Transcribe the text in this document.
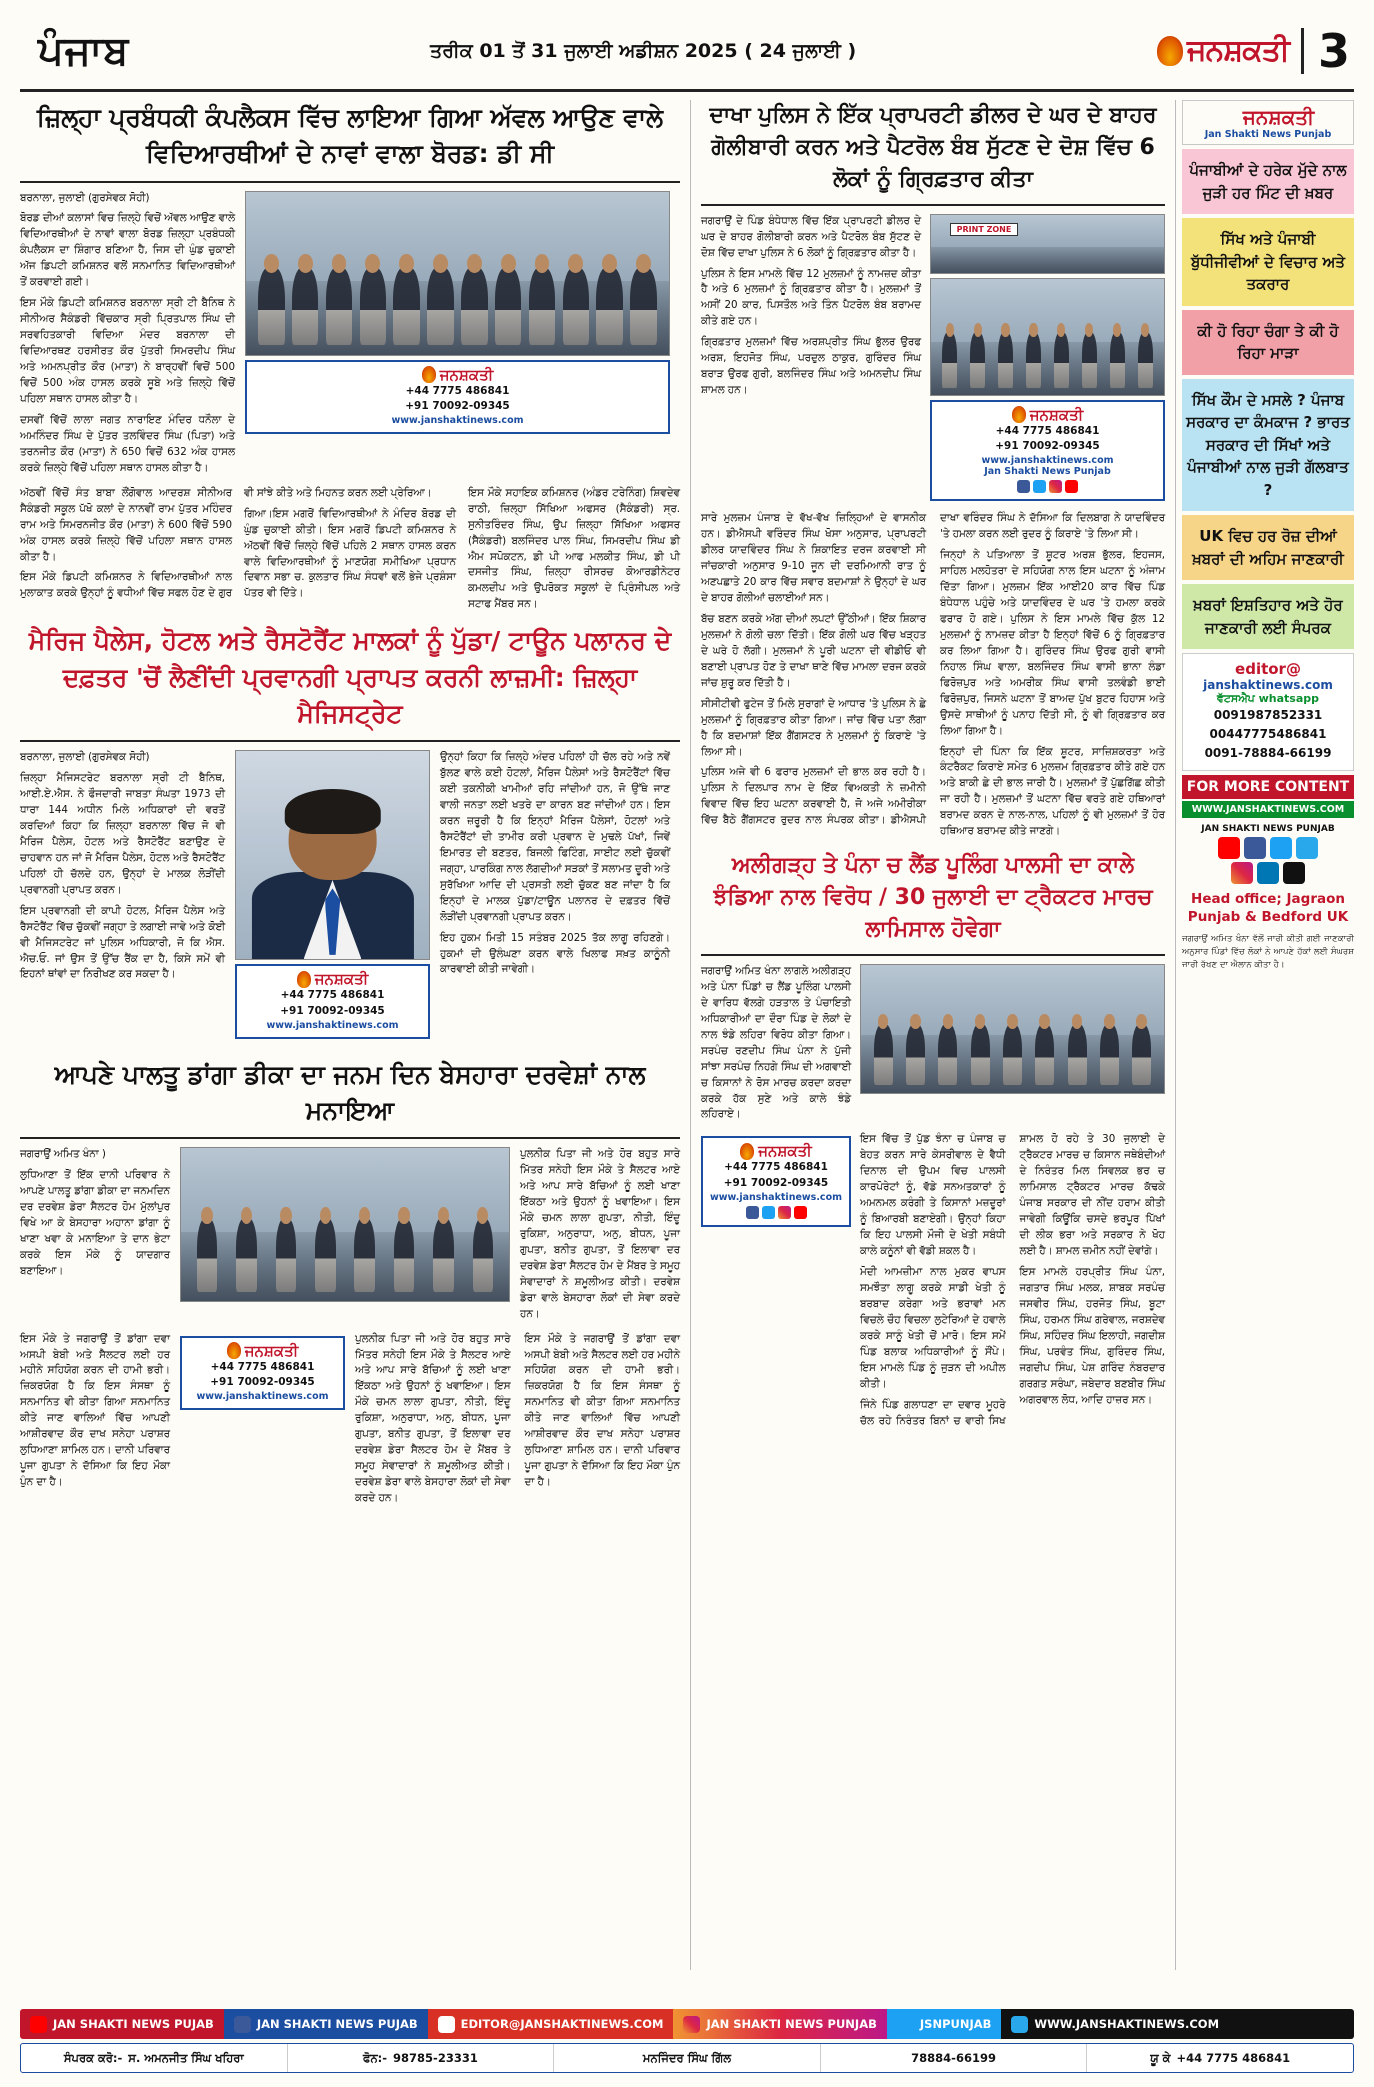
ਪੰਜਾਬ	ਤਰੀਕ 01 ਤੋਂ 31 ਜੁਲਾਈ ਅਡੀਸ਼ਨ 2025 ( 24 ਜੁਲਾਈ )	ਜਨਸ਼ਕਤੀ 3
ਜ਼ਿਲ੍ਹਾ ਪ੍ਰਬੰਧਕੀ ਕੰਪਲੈਕਸ ਵਿੱਚ ਲਾਇਆ ਗਿਆ ਅੱਵਲ ਆਉਣ ਵਾਲੇ ਵਿਦਿਆਰਥੀਆਂ ਦੇ ਨਾਵਾਂ ਵਾਲਾ ਬੋਰਡ: ਡੀ ਸੀ

ਬਰਨਾਲਾ, ਜੁਲਾਈ (ਗੁਰਸੇਵਕ ਸੋਹੀ)

ਬੋਰਡ ਦੀਆਂ ਕਲਾਸਾਂ ਵਿਚ ਜ਼ਿਲ੍ਹੇ ਵਿਚੋਂ ਅੱਵਲ ਆਉਣ ਵਾਲੇ ਵਿਦਿਆਰਥੀਆਂ ਦੇ ਨਾਵਾਂ ਵਾਲਾ ਬੋਰਡ ਜ਼ਿਲ੍ਹਾ ਪ੍ਰਬੰਧਕੀ ਕੰਪਲੈਕਸ ਦਾ ਸ਼ਿੰਗਾਰ ਬਣਿਆ ਹੈ, ਜਿਸ ਦੀ ਘੁੰਡ ਚੁਕਾਈ ਅੱਜ ਡਿਪਟੀ ਕਮਿਸ਼ਨਰ ਵਲੋਂ ਸਨਮਾਨਿਤ ਵਿਦਿਆਰਥੀਆਂ ਤੋਂ ਕਰਵਾਈ ਗਈ।

ਇਸ ਮੌਕੇ ਡਿਪਟੀ ਕਮਿਸ਼ਨਰ ਬਰਨਾਲਾ ਸ੍ਰੀ ਟੀ ਬੈਨਿਥ ਨੇ ਸੀਨੀਅਰ ਸੈਕੰਡਰੀ ਵਿੱਚਕਾਰ ਸ੍ਰੀ ਪ੍ਰਿਤਪਾਲ ਸਿੰਘ ਦੀ ਸਰਵਹਿਤਕਾਰੀ ਵਿਦਿਆ ਮੰਦਰ ਬਰਨਾਲਾ ਦੀ ਵਿਦਿਆਰਥਣ ਹਰਸੀਰਤ ਕੌਰ ਪੁੱਤਰੀ ਸਿਮਰਦੀਪ ਸਿੰਘ ਅਤੇ ਅਮਨਪ੍ਰੀਤ ਕੌਰ (ਮਾਤਾ) ਨੇ ਬਾਰ੍ਹਵੀਂ ਵਿਚੋਂ 500 ਵਿਚੋਂ 500 ਅੰਕ ਹਾਸਲ ਕਰਕੇ ਸੂਬੇ ਅਤੇ ਜ਼ਿਲ੍ਹੇ ਵਿੱਚੋਂ ਪਹਿਲਾ ਸਥਾਨ ਹਾਸਲ ਕੀਤਾ ਹੈ।

ਦਸਵੀਂ ਵਿੱਚੋਂ ਲਾਲਾ ਜਗਤ ਨਾਰਾਇਣ ਮੰਦਿਰ ਧਨੌਲਾ ਦੇ ਅਮਨਿੰਦਰ ਸਿੰਘ ਦੇ ਪੁੱਤਰ ਤਲਵਿੰਦਰ ਸਿੰਘ (ਪਿਤਾ) ਅਤੇ ਤਰਨਜੀਤ ਕੌਰ (ਮਾਤਾ) ਨੇ 650 ਵਿਚੋਂ 632 ਅੰਕ ਹਾਸਲ ਕਰਕੇ ਜ਼ਿਲ੍ਹੇ ਵਿੱਚੋਂ ਪਹਿਲਾ ਸਥਾਨ ਹਾਸਲ ਕੀਤਾ ਹੈ।

ਜਨਸ਼ਕਤੀ
+44 7775 486841
+91 70092-09345
www.janshaktinews.com

ਅੱਠਵੀਂ ਵਿੱਚੋਂ ਸੰਤ ਬਾਬਾ ਲੌਂਗੋਵਾਲ ਆਦਰਸ਼ ਸੀਨੀਅਰ ਸੈਕੰਡਰੀ ਸਕੂਲ ਪੱਖੋ ਕਲਾਂ ਦੇ ਨਾਨਵੀਂ ਰਾਮ ਪੁੱਤਰ ਮਹਿੰਦਰ ਰਾਮ ਅਤੇ ਸਿਮਰਨਜੀਤ ਕੌਰ (ਮਾਤਾ) ਨੇ 600 ਵਿੱਚੋਂ 590 ਅੰਕ ਹਾਸਲ ਕਰਕੇ ਜ਼ਿਲ੍ਹੇ ਵਿੱਚੋਂ ਪਹਿਲਾ ਸਥਾਨ ਹਾਸਲ ਕੀਤਾ ਹੈ।

ਇਸ ਮੌਕੇ ਡਿਪਟੀ ਕਮਿਸ਼ਨਰ ਨੇ ਵਿਦਿਆਰਥੀਆਂ ਨਾਲ ਮੁਲਾਕਾਤ ਕਰਕੇ ਉਨ੍ਹਾਂ ਨੂੰ ਵਧੀਆਂ ਵਿੱਚ ਸਫਲ ਹੋਣ ਦੇ ਗੁਰ ਵੀ ਸਾਂਝੇ ਕੀਤੇ ਅਤੇ ਮਿਹਨਤ ਕਰਨ ਲਈ ਪ੍ਰੇਰਿਆ।

ਗਿਆ।ਇਸ ਮਗਰੋਂ ਵਿਦਿਆਰਥੀਆਂ ਨੇ ਮੰਦਿਰ ਬੋਰਡ ਦੀ ਘੁੰਡ ਚੁਕਾਈ ਕੀਤੀ। ਇਸ ਮਗਰੋਂ ਡਿਪਟੀ ਕਮਿਸ਼ਨਰ ਨੇ ਅੱਠਵੀਂ ਵਿੱਚੋਂ ਜ਼ਿਲ੍ਹੇ ਵਿੱਚੋਂ ਪਹਿਲੇ 2 ਸਥਾਨ ਹਾਸਲ ਕਰਨ ਵਾਲੇ ਵਿਦਿਆਰਥੀਆਂ ਨੂੰ ਮਾਣਯੋਗ ਸਮੀਖਿਆ ਪ੍ਰਧਾਨ ਦਿਵਾਨ ਸਭਾ ਚ. ਕੁਲਤਾਰ ਸਿੰਘ ਸੰਧਵਾਂ ਵਲੋਂ ਭੇਜੇ ਪ੍ਰਸ਼ੰਸਾ ਪੱਤਰ ਵੀ ਦਿੱਤੇ।

ਇਸ ਮੌਕੇ ਸਹਾਇਕ ਕਮਿਸ਼ਨਰ (ਅੰਡਰ ਟਰੇਨਿੰਗ) ਸ਼ਿਵਦੇਵ ਰਾਠੀ, ਜ਼ਿਲ੍ਹਾ ਸਿੱਖਿਆ ਅਫਸਰ (ਸੈਕੰਡਰੀ) ਸ੍ਰ. ਸੁਨੀਤਰਿੰਦਰ ਸਿੰਘ, ਉਪ ਜ਼ਿਲ੍ਹਾ ਸਿੱਖਿਆ ਅਫਸਰ (ਸੈਕੰਡਰੀ) ਬਲਜਿੰਦਰ ਪਾਲ ਸਿੰਘ, ਸਿਮਰਦੀਪ ਸਿੰਘ ਡੀ ਐਮ ਸਪੋਕਟਨ, ਡੀ ਪੀ ਆਫ ਮਲਕੀਤ ਸਿੰਘ, ਡੀ ਪੀ ਦਸਜੀਤ ਸਿੰਘ, ਜ਼ਿਲ੍ਹਾ ਰੀਸਰਚ ਕੋਆਰਡੀਨੇਟਰ ਕਮਲਦੀਪ ਅਤੇ ਉਪਰੋਕਤ ਸਕੂਲਾਂ ਦੇ ਪ੍ਰਿੰਸੀਪਲ ਅਤੇ ਸਟਾਫ ਮੈਂਬਰ ਸਨ।

ਮੈਰਿਜ ਪੈਲੇਸ, ਹੋਟਲ ਅਤੇ ਰੈਸਟੋਰੈਂਟ ਮਾਲਕਾਂ ਨੂੰ ਪੁੱਡਾ/ ਟਾਊਨ ਪਲਾਨਰ ਦੇ ਦਫ਼ਤਰ 'ਚੋਂ ਲੈਣੀਂਦੀ ਪ੍ਰਵਾਨਗੀ ਪ੍ਰਾਪਤ ਕਰਨੀ ਲਾਜ਼ਮੀ: ਜ਼ਿਲ੍ਹਾ ਮੈਜਿਸਟ੍ਰੇਟ

ਬਰਨਾਲਾ, ਜੁਲਾਈ (ਗੁਰਸੇਵਕ ਸੋਹੀ)

ਜ਼ਿਲ੍ਹਾ ਮੈਜਿਸਟਰੇਟ ਬਰਨਾਲਾ ਸ੍ਰੀ ਟੀ ਬੈਨਿਥ, ਆਈ.ਏ.ਐਸ. ਨੇ ਫੌਜਦਾਰੀ ਜਾਬਤਾ ਸੰਘਤਾ 1973 ਦੀ ਧਾਰਾ 144 ਅਧੀਨ ਮਿਲੇ ਅਧਿਕਾਰਾਂ ਦੀ ਵਰਤੋਂ ਕਰਦਿਆਂ ਕਿਹਾ ਕਿ ਜ਼ਿਲ੍ਹਾ ਬਰਨਾਲਾ ਵਿੱਚ ਜੋ ਵੀ ਮੈਰਿਜ ਪੈਲੇਸ, ਹੋਟਲ ਅਤੇ ਰੈਸਟੋਰੈਂਟ ਬਣਾਉਣ ਦੇ ਚਾਹਵਾਨ ਹਨ ਜਾਂ ਜੋ ਮੈਰਿਜ ਪੈਲੇਸ, ਹੋਟਲ ਅਤੇ ਰੈਸਟੋਰੈਂਟ ਪਹਿਲਾਂ ਹੀ ਚੱਲਦੇ ਹਨ, ਉਨ੍ਹਾਂ ਦੇ ਮਾਲਕ ਲੋੜੀਂਦੀ ਪ੍ਰਵਾਨਗੀ ਪ੍ਰਾਪਤ ਕਰਨ।

ਇਸ ਪ੍ਰਵਾਨਗੀ ਦੀ ਕਾਪੀ ਹੋਟਲ, ਮੈਰਿਜ ਪੈਲੇਸ ਅਤੇ ਰੈਸਟੋਰੈਂਟ ਵਿੱਚ ਚੁੱਕਵੀਂ ਜਗ੍ਹਾ ਤੇ ਲਗਾਈ ਜਾਵੇ ਅਤੇ ਕੋਈ ਵੀ ਮੈਜਿਸਟਰੇਟ ਜਾਂ ਪੁਲਿਸ ਅਧਿਕਾਰੀ, ਜੋ ਕਿ ਐਸ. ਐਚ.ਓ. ਜਾਂ ਉਸ ਤੋਂ ਉੱਚ ਰੈਂਕ ਦਾ ਹੈ, ਕਿਸੇ ਸਮੇਂ ਵੀ ਇਹਨਾਂ ਥਾਂਵਾਂ ਦਾ ਨਿਰੀਖਣ ਕਰ ਸਕਦਾ ਹੈ।	ਜਨਸ਼ਕਤੀ
+44 7775 486841
+91 70092-09345
www.janshaktinews.com

ਉਨ੍ਹਾਂ ਕਿਹਾ ਕਿ ਜ਼ਿਲ੍ਹੇ ਅੰਦਰ ਪਹਿਲਾਂ ਹੀ ਚੱਲ ਰਹੇ ਅਤੇ ਨਵੇਂ ਬੁੱਲਣ ਵਾਲੇ ਕਈ ਹੋਟਲਾਂ, ਮੈਰਿਜ ਪੈਲੇਸਾਂ ਅਤੇ ਰੈਸਟੋਰੈਂਟਾਂ ਵਿੱਚ ਕਈ ਤਕਨੀਕੀ ਖਾਮੀਆਂ ਰਹਿ ਜਾਂਦੀਆਂ ਹਨ, ਜੋ ਉੱਥੇ ਜਾਣ ਵਾਲੀ ਜਨਤਾ ਲਈ ਖਤਰੇ ਦਾ ਕਾਰਨ ਬਣ ਜਾਂਦੀਆਂ ਹਨ। ਇਸ ਕਰਨ ਜ਼ਰੂਰੀ ਹੈ ਕਿ ਇਨ੍ਹਾਂ ਮੈਰਿਜ ਪੈਲੇਸਾਂ, ਹੋਟਲਾਂ ਅਤੇ ਰੈਸਟੋਰੈਂਟਾਂ ਦੀ ਤਾਮੀਰ ਕਰੀ ਪ੍ਰਵਾਨ ਦੇ ਮੁਢਲੇ ਪੱਖਾਂ, ਜਿਵੇਂ ਇਮਾਰਤ ਦੀ ਬਣਤਰ, ਬਿਜਲੀ ਫਿਟਿੰਗ, ਸਾਈਟ ਲਈ ਚੁੱਕਵੀਂ ਜਗ੍ਹਾ, ਪਾਰਕਿੰਗ ਨਾਲ ਲੱਗਦੀਆਂ ਸੜਕਾਂ ਤੋਂ ਸਲਾਮਤ ਦੂਰੀ ਅਤੇ ਸੁਰੱਖਿਆ ਆਦਿ ਦੀ ਪ੍ਰਸਤੀ ਲਈ ਚੁੱਕਣ ਬਣ ਜਾਂਦਾ ਹੈ ਕਿ ਇਨ੍ਹਾਂ ਦੇ ਮਾਲਕ ਪੁੱਡਾ/ਟਾਊਨ ਪਲਾਨਰ ਦੇ ਦਫ਼ਤਰ ਵਿੱਚੋਂ ਲੋੜੀਂਦੀ ਪ੍ਰਵਾਨਗੀ ਪ੍ਰਾਪਤ ਕਰਨ।

ਇਹ ਹੁਕਮ ਮਿਤੀ 15 ਸਤੰਬਰ 2025 ਤੱਕ ਲਾਗੂ ਰਹਿਣਗੇ। ਹੁਕਮਾਂ ਦੀ ਉਲੰਘਣਾ ਕਰਨ ਵਾਲੇ ਖਿਲਾਫ ਸਖ਼ਤ ਕਾਨੂੰਨੀ ਕਾਰਵਾਈ ਕੀਤੀ ਜਾਵੇਗੀ।

ਆਪਣੇ ਪਾਲਤੂ ਡਾਂਗਾ ਡੀਕਾ ਦਾ ਜਨਮ ਦਿਨ ਬੇਸਹਾਰਾ ਦਰਵੇਸ਼ਾਂ ਨਾਲ ਮਨਾਇਆ

ਜਗਰਾਉਂ ਅਮਿਤ ਖੰਨਾ )

ਲੁਧਿਆਣਾ ਤੋਂ ਇੱਕ ਦਾਨੀ ਪਰਿਵਾਰ ਨੇ ਆਪਣੇ ਪਾਲਤੂ ਡਾਂਗਾ ਡੀਕਾ ਦਾ ਜਨਮਦਿਨ ਦਰ ਦਰਵੇਸ਼ ਡੇਰਾ ਸੈਲਟਰ ਹੋਮ ਮੁੱਲਾਂਪੁਰ ਵਿਖੇ ਆ ਕੇ ਬੇਸਹਾਰਾ ਅਹਾਨਾ ਡਾਂਗਾ ਨੂੰ ਖਾਣਾ ਖਵਾ ਕੇ ਮਨਾਇਆ ਤੇ ਦਾਨ ਭੇਟਾ ਕਰਕੇ ਇਸ ਮੌਕੇ ਨੂੰ ਯਾਦਗਾਰ ਬਣਾਇਆ।

ਪੁਲਨੀਕ ਪਿਤਾ ਜੀ ਅਤੇ ਹੋਰ ਬਹੁਤ ਸਾਰੇ ਮਿੱਤਰ ਸਨੇਹੀ ਇਸ ਮੌਕੇ ਤੇ ਸੈਲਟਰ ਆਏ ਅਤੇ ਆਪ ਸਾਰੇ ਬੱਚਿਆਂ ਨੂੰ ਲਈ ਖਾਣਾ ਇੱਕਠਾ ਅਤੇ ਉਹਨਾਂ ਨੂੰ ਖਵਾਇਆ। ਇਸ ਮੌਕੇ ਚਮਨ ਲਾਲਾ ਗੁਪਤਾ, ਨੀਤੀ, ਇੰਦੂ ਰੁਕਿਸ਼ਾ, ਅਨੁਰਾਧਾ, ਅਨੁ, ਬੀਧਨ, ਪੂਜਾ ਗੁਪਤਾ, ਬਨੀਤ ਗੁਪਤਾ, ਤੋਂ ਇਲਾਵਾ ਦਰ ਦਰਵੇਸ਼ ਡੇਰਾ ਸੈਲਟਰ ਹੋਮ ਦੇ ਮੈਂਬਰ ਤੇ ਸਮੂਹ ਸੇਵਾਦਾਰਾਂ ਨੇ ਸ਼ਮੂਲੀਅਤ ਕੀਤੀ। ਦਰਵੇਸ਼ ਡੇਰਾ ਵਾਲੇ ਬੇਸਹਾਰਾ ਲੋਕਾਂ ਦੀ ਸੇਵਾ ਕਰਦੇ ਹਨ।

ਇਸ ਮੌਕੇ ਤੇ ਜਗਰਾਉਂ ਤੋਂ ਡਾਂਗਾ ਦਵਾ ਅਸਪੀ ਬੇਬੀ ਅਤੇ ਸੈਲਟਰ ਲਈ ਹਰ ਮਹੀਨੇ ਸਹਿਯੋਗ ਕਰਨ ਦੀ ਹਾਮੀ ਭਰੀ। ਜ਼ਿਕਰਯੋਗ ਹੈ ਕਿ ਇਸ ਸੰਸਥਾ ਨੂੰ ਸਨਮਾਨਿਤ ਵੀ ਕੀਤਾ ਗਿਆ ਸਨਮਾਨਿਤ ਕੀਤੇ ਜਾਣ ਵਾਲਿਆਂ ਵਿੱਚ ਆਪਣੀ ਆਸ਼ੀਰਵਾਦ ਕੌਰ ਦਾਖ ਸਨੇਹਾ ਪਰਾਸ਼ਰ ਲੁਧਿਆਣਾ ਸ਼ਾਮਿਲ ਹਨ। ਦਾਨੀ ਪਰਿਵਾਰ ਪੂਜਾ ਗੁਪਤਾ ਨੇ ਦੱਸਿਆ ਕਿ ਇਹ ਮੌਕਾ ਪੁੰਨ ਦਾ ਹੈ।

ਜਨਸ਼ਕਤੀ
+44 7775 486841
+91 70092-09345
www.janshaktinews.com

ਪੁਲਨੀਕ ਪਿਤਾ ਜੀ ਅਤੇ ਹੋਰ ਬਹੁਤ ਸਾਰੇ ਮਿੱਤਰ ਸਨੇਹੀ ਇਸ ਮੌਕੇ ਤੇ ਸੈਲਟਰ ਆਏ ਅਤੇ ਆਪ ਸਾਰੇ ਬੱਚਿਆਂ ਨੂੰ ਲਈ ਖਾਣਾ ਇੱਕਠਾ ਅਤੇ ਉਹਨਾਂ ਨੂੰ ਖਵਾਇਆ। ਇਸ ਮੌਕੇ ਚਮਨ ਲਾਲਾ ਗੁਪਤਾ, ਨੀਤੀ, ਇੰਦੂ ਰੁਕਿਸ਼ਾ, ਅਨੁਰਾਧਾ, ਅਨੁ, ਬੀਧਨ, ਪੂਜਾ ਗੁਪਤਾ, ਬਨੀਤ ਗੁਪਤਾ, ਤੋਂ ਇਲਾਵਾ ਦਰ ਦਰਵੇਸ਼ ਡੇਰਾ ਸੈਲਟਰ ਹੋਮ ਦੇ ਮੈਂਬਰ ਤੇ ਸਮੂਹ ਸੇਵਾਦਾਰਾਂ ਨੇ ਸ਼ਮੂਲੀਅਤ ਕੀਤੀ। ਦਰਵੇਸ਼ ਡੇਰਾ ਵਾਲੇ ਬੇਸਹਾਰਾ ਲੋਕਾਂ ਦੀ ਸੇਵਾ ਕਰਦੇ ਹਨ।

ਇਸ ਮੌਕੇ ਤੇ ਜਗਰਾਉਂ ਤੋਂ ਡਾਂਗਾ ਦਵਾ ਅਸਪੀ ਬੇਬੀ ਅਤੇ ਸੈਲਟਰ ਲਈ ਹਰ ਮਹੀਨੇ ਸਹਿਯੋਗ ਕਰਨ ਦੀ ਹਾਮੀ ਭਰੀ। ਜ਼ਿਕਰਯੋਗ ਹੈ ਕਿ ਇਸ ਸੰਸਥਾ ਨੂੰ ਸਨਮਾਨਿਤ ਵੀ ਕੀਤਾ ਗਿਆ ਸਨਮਾਨਿਤ ਕੀਤੇ ਜਾਣ ਵਾਲਿਆਂ ਵਿੱਚ ਆਪਣੀ ਆਸ਼ੀਰਵਾਦ ਕੌਰ ਦਾਖ ਸਨੇਹਾ ਪਰਾਸ਼ਰ ਲੁਧਿਆਣਾ ਸ਼ਾਮਿਲ ਹਨ। ਦਾਨੀ ਪਰਿਵਾਰ ਪੂਜਾ ਗੁਪਤਾ ਨੇ ਦੱਸਿਆ ਕਿ ਇਹ ਮੌਕਾ ਪੁੰਨ ਦਾ ਹੈ।

ਦਾਖਾ ਪੁਲਿਸ ਨੇ ਇੱਕ ਪ੍ਰਾਪਰਟੀ ਡੀਲਰ ਦੇ ਘਰ ਦੇ ਬਾਹਰ ਗੋਲੀਬਾਰੀ ਕਰਨ ਅਤੇ ਪੈਟਰੋਲ ਬੰਬ ਸੁੱਟਣ ਦੇ ਦੋਸ਼ ਵਿੱਚ 6 ਲੋਕਾਂ ਨੂੰ ਗ੍ਰਿਫ਼ਤਾਰ ਕੀਤਾ

ਜਗਰਾਉਂ ਦੇ ਪਿੰਡ ਬੰਧੇਧਾਲ ਵਿੱਚ ਇੱਕ ਪ੍ਰਾਪਰਟੀ ਡੀਲਰ ਦੇ ਘਰ ਦੇ ਬਾਹਰ ਗੋਲੀਬਾਰੀ ਕਰਨ ਅਤੇ ਪੈਟਰੋਲ ਬੰਬ ਸੁੱਟਣ ਦੇ ਦੋਸ਼ ਵਿੱਚ ਦਾਖਾ ਪੁਲਿਸ ਨੇ 6 ਲੋਕਾਂ ਨੂੰ ਗ੍ਰਿਫ਼ਤਾਰ ਕੀਤਾ ਹੈ।

ਪੁਲਿਸ ਨੇ ਇਸ ਮਾਮਲੇ ਵਿੱਚ 12 ਮੁਲਜ਼ਮਾਂ ਨੂੰ ਨਾਮਜ਼ਦ ਕੀਤਾ ਹੈ ਅਤੇ 6 ਮੁਲਜ਼ਮਾਂ ਨੂੰ ਗ੍ਰਿਫ਼ਤਾਰ ਕੀਤਾ ਹੈ। ਮੁਲਜ਼ਮਾਂ ਤੋਂ ਅਸੀਂ 20 ਕਾਰ, ਪਿਸਤੌਲ ਅਤੇ ਤਿੰਨ ਪੈਟਰੋਲ ਬੰਬ ਬਰਾਮਦ ਕੀਤੇ ਗਏ ਹਨ।

ਗ੍ਰਿਫ਼ਤਾਰ ਮੁਲਜ਼ਮਾਂ ਵਿੱਚ ਅਰਸ਼ਪ੍ਰੀਤ ਸਿੰਘ ਭੁੱਲਰ ਉਰਫ ਅਰਸ਼, ਇਹਜੋਤ ਸਿੰਘ, ਪਰਦੁਲ ਠਾਕੁਰ, ਗੁਰਿੰਦਰ ਸਿੰਘ ਬਰਾੜ ਉਰਫ ਗੁਰੀ, ਬਲਜਿੰਦਰ ਸਿੰਘ ਅਤੇ ਅਮਨਦੀਪ ਸਿੰਘ ਸ਼ਾਮਲ ਹਨ।

PRINT ZONE
ਜਨਸ਼ਕਤੀ
+44 7775 486841
+91 70092-09345
www.janshaktinews.com
Jan Shakti News Punjab

ਸਾਰੇ ਮੁਲਜ਼ਮ ਪੰਜਾਬ ਦੇ ਵੱਖ-ਵੱਖ ਜ਼ਿਲ੍ਹਿਆਂ ਦੇ ਵਾਸਨੀਕ ਹਨ। ਡੀਐਸਪੀ ਵਰਿੰਦਰ ਸਿੰਘ ਖੋਸਾ ਅਨੁਸਾਰ, ਪ੍ਰਾਪਰਟੀ ਡੀਲਰ ਯਾਦਵਿੰਦਰ ਸਿੰਘ ਨੇ ਸ਼ਿਕਾਇਤ ਦਰਜ ਕਰਵਾਈ ਸੀ ਜਾਂਚਕਾਰੀ ਅਨੁਸਾਰ 9-10 ਜੂਨ ਦੀ ਦਰਮਿਆਨੀ ਰਾਤ ਨੂੰ ਅਣਪਛਾਤੇ 20 ਕਾਰ ਵਿੱਚ ਸਵਾਰ ਬਦਮਾਸ਼ਾਂ ਨੇ ਉਨ੍ਹਾਂ ਦੇ ਘਰ ਦੇ ਬਾਹਰ ਗੋਲੀਆਂ ਚਲਾਈਆਂ ਸਨ।

ਬੱਚ ਬਣਨ ਕਰਕੇ ਅੱਗ ਦੀਆਂ ਲਪਟਾਂ ਉੱਠੀਆਂ। ਇੱਕ ਸ਼ਿਕਾਰ ਮੁਲਜ਼ਮਾਂ ਨੇ ਗੋਲੀ ਚਲਾ ਦਿੱਤੀ। ਇੱਕ ਗੋਲੀ ਘਰ ਵਿੱਚ ਖੜ੍ਹਤ ਦੇ ਘਰੇ ਹੋ ਲੱਗੀ। ਮੁਲਜ਼ਮਾਂ ਨੇ ਪੂਰੀ ਘਟਨਾ ਦੀ ਵੀਡੀਓ ਵੀ ਬਣਾਈ ਪ੍ਰਾਪਤ ਹੋਣ ਤੇ ਦਾਖਾ ਥਾਣੇ ਵਿੱਚ ਮਾਮਲਾ ਦਰਜ ਕਰਕੇ ਜਾਂਚ ਸ਼ੁਰੂ ਕਰ ਦਿੱਤੀ ਹੈ।

ਸੀਸੀਟੀਵੀ ਫੁਟੇਜ ਤੋਂ ਮਿਲੇ ਸੁਰਾਗਾਂ ਦੇ ਆਧਾਰ 'ਤੇ ਪੁਲਿਸ ਨੇ ਛੇ ਮੁਲਜ਼ਮਾਂ ਨੂੰ ਗ੍ਰਿਫ਼ਤਾਰ ਕੀਤਾ ਗਿਆ। ਜਾਂਚ ਵਿੱਚ ਪਤਾ ਲੱਗਾ ਹੈ ਕਿ ਬਦਮਾਸ਼ਾਂ ਇੱਕ ਗੈਂਗਸਟਰ ਨੇ ਮੁਲਜ਼ਮਾਂ ਨੂੰ ਕਿਰਾਏ 'ਤੇ ਲਿਆ ਸੀ।

ਪੁਲਿਸ ਅਜੇ ਵੀ 6 ਫਰਾਰ ਮੁਲਜ਼ਮਾਂ ਦੀ ਭਾਲ ਕਰ ਰਹੀ ਹੈ। ਪੁਲਿਸ ਨੇ ਦਿਲਪਾਰ ਨਾਮ ਦੇ ਇੱਕ ਵਿਅਕਤੀ ਨੇ ਜ਼ਮੀਨੀ ਵਿਵਾਦ ਵਿੱਚ ਇਹ ਘਟਨਾ ਕਰਵਾਈ ਹੈ, ਜੋ ਅਜੇ ਅਮੀਰੀਕਾ ਵਿੱਚ ਬੈਠੇ ਗੈਂਗਸਟਰ ਰੁਦਰ ਨਾਲ ਸੰਪਰਕ ਕੀਤਾ। ਡੀਐਸਪੀ ਦਾਖਾ ਵਰਿੰਦਰ ਸਿੰਘ ਨੇ ਦੱਸਿਆ ਕਿ ਦਿਲਬਾਗ ਨੇ ਯਾਦਵਿੰਦਰ 'ਤੇ ਹਮਲਾ ਕਰਨ ਲਈ ਰੁਦਰ ਨੂੰ ਕਿਰਾਏ 'ਤੇ ਲਿਆ ਸੀ।

ਜਿਨ੍ਹਾਂ ਨੇ ਪਤਿਆਲਾ ਤੋਂ ਸ਼ੂਟਰ ਅਰਸ਼ ਭੁੱਲਰ, ਇਹਜਸ, ਸਾਹਿਲ ਮਲਹੋਤਰਾ ਦੇ ਸਹਿਯੋਗ ਨਾਲ ਇਸ ਘਟਨਾ ਨੂੰ ਅੰਜਾਮ ਦਿੱਤਾ ਗਿਆ। ਮੁਲਜ਼ਮ ਇੱਕ ਆਈ20 ਕਾਰ ਵਿੱਚ ਪਿੰਡ ਬੰਧੇਧਾਲ ਪਹੁੰਚੇ ਅਤੇ ਯਾਦਵਿੰਦਰ ਦੇ ਘਰ 'ਤੇ ਹਮਲਾ ਕਰਕੇ ਫਰਾਰ ਹੋ ਗਏ। ਪੁਲਿਸ ਨੇ ਇਸ ਮਾਮਲੇ ਵਿੱਚ ਕੁੱਲ 12 ਮੁਲਜ਼ਮਾਂ ਨੂੰ ਨਾਮਜ਼ਦ ਕੀਤਾ ਹੈ ਇਨ੍ਹਾਂ ਵਿੱਚੋਂ 6 ਨੂੰ ਗ੍ਰਿਫ਼ਤਾਰ ਕਰ ਲਿਆ ਗਿਆ ਹੈ। ਗੁਰਿੰਦਰ ਸਿੰਘ ਉਰਫ ਗੁਰੀ ਵਾਸੀ ਨਿਹਾਲ ਸਿੰਘ ਵਾਲਾ, ਬਲਜਿੰਦਰ ਸਿੰਘ ਵਾਸੀ ਭਾਨਾ ਲੰਡਾ ਫਿਰੋਜ਼ਪੁਰ ਅਤੇ ਅਮਰੀਕ ਸਿੰਘ ਵਾਸੀ ਤਲਵੰਡੀ ਭਾਈ ਫਿਰੋਜ਼ਪੁਰ, ਜਿਸਨੇ ਘਟਨਾ ਤੋਂ ਬਾਅਦ ਪੁੱਖ ਬੁਟਰ ਹਿਹਾਸ ਅਤੇ ਉਸਦੇ ਸਾਥੀਆਂ ਨੂੰ ਪਨਾਹ ਦਿੱਤੀ ਸੀ, ਨੂੰ ਵੀ ਗ੍ਰਿਫ਼ਤਾਰ ਕਰ ਲਿਆ ਗਿਆ ਹੈ।

ਇਨ੍ਹਾਂ ਦੀ ਪਿੰਨਾ ਕਿ ਇੱਕ ਸ਼ੂਟਰ, ਸਾਜ਼ਿਸ਼ਕਰਤਾ ਅਤੇ ਕੰਟਰੈਕਟ ਕਿਰਾਏ ਸਮੇਤ 6 ਮੁਲਜ਼ਮ ਗ੍ਰਿਫ਼ਤਾਰ ਕੀਤੇ ਗਏ ਹਨ ਅਤੇ ਬਾਕੀ ਛੇ ਦੀ ਭਾਲ ਜਾਰੀ ਹੈ। ਮੁਲਜ਼ਮਾਂ ਤੋਂ ਪੁੱਛਗਿੱਛ ਕੀਤੀ ਜਾ ਰਹੀ ਹੈ। ਮੁਲਜ਼ਮਾਂ ਤੋਂ ਘਟਨਾ ਵਿੱਚ ਵਰਤੇ ਗਏ ਹਥਿਆਰਾਂ ਬਰਾਮਦ ਕਰਨ ਦੇ ਨਾਲ-ਨਾਲ, ਪਹਿਲਾਂ ਨੂੰ ਵੀ ਮੁਲਜ਼ਮਾਂ ਤੋਂ ਹੋਰ ਹਥਿਆਰ ਬਰਾਮਦ ਕੀਤੇ ਜਾਣਗੇ।

ਅਲੀਗੜ੍ਹ ਤੇ ਪੰਨਾ ਚ ਲੈਂਡ ਪੂਲਿੰਗ ਪਾਲਸੀ ਦਾ ਕਾਲੇ ਝੰਡਿਆ ਨਾਲ ਵਿਰੋਧ / 30 ਜੁਲਾਈ ਦਾ ਟ੍ਰੈਕਟਰ ਮਾਰਚ ਲਾਮਿਸਾਲ ਹੋਵੇਗਾ

ਜਗਰਾਉਂ ਅਮਿਤ ਖੰਨਾ ਲਾਗਲੇ ਅਲੀਗੜ੍ਹ ਅਤੇ ਪੰਨਾ ਪਿੰਡਾਂ ਚ ਲੈਂਡ ਪੂਲਿੰਗ ਪਾਲਸੀ ਦੇ ਵਾਰਿਧ ਵੱਲਗੇ ਹੜਤਾਲ ਤੇ ਪੰਚਾਇਤੀ ਅਧਿਕਾਰੀਆਂ ਦਾ ਦੌਰਾ ਪਿੰਡ ਦੇ ਲੋਕਾਂ ਦੇ ਨਾਲ ਝੰਡੇ ਲਹਿਰਾ ਵਿਰੋਧ ਕੀਤਾ ਗਿਆ। ਸਰਪੰਚ ਰਣਦੀਪ ਸਿੰਘ ਪੰਨਾ ਨੇ ਪੁੱਜੀ ਸਾਂਝਾ ਸਰਪੰਚ ਨਿਹਗੇ ਸਿੰਘ ਦੀ ਅਗਵਾਈ ਚ ਕਿਸਾਨਾਂ ਨੇ ਰੋਸ ਮਾਰਚ ਕਰਦਾ ਕਰਦਾ ਕਰਕੇ ਹੱਕ ਸੁਣੇ ਅਤੇ ਕਾਲੇ ਝੰਡੇ ਲਹਿਰਾਏ।

ਜਨਸ਼ਕਤੀ
+44 7775 486841
+91 70092-09345
www.janshaktinews.com

ਇਸ ਵਿੱਚ ਤੋਂ ਪੁੱਡ ਝੰਨਾ ਚ ਪੰਜਾਬ ਚ ਬੇਹਤ ਕਰਨ ਸਾਰੇ ਕੇਸਰੀਵਾਲ ਦੇ ਵੈਧੀ ਦਿਨਾਲ ਦੀ ਉਪਮ ਵਿਚ ਪਾਲਸੀ ਕਾਰਪੋਰੇਟਾਂ ਨੂੰ, ਵੱਡੇ ਸਨਅਤਕਾਰਾਂ ਨੂੰ ਅਮਨਮਲ ਕਰੰਗੀ ਤੇ ਕਿਸਾਨਾਂ ਮਜ਼ਦੂਰਾਂ ਨੂੰ ਬਿਆਰਬੀ ਬਣਾਏਗੀ। ਉਨ੍ਹਾਂ ਕਿਹਾ ਕਿ ਇਹ ਪਾਲਸੀ ਮੌਜੀ ਦੇ ਖੇਤੀ ਸਬੰਧੀ ਕਾਲੇ ਕਨੂੰਨਾਂ ਵੀ ਵੱਡੀ ਸ਼ਕਲ ਹੈ।

ਮੋਦੀ ਆਮਜ਼ੀਮਾ ਨਾਲ ਮੁਕਰ ਵਾਪਸ ਸਮਝੌਤਾ ਲਾਗੂ ਕਰਕੇ ਸਾਡੀ ਖੇਤੀ ਨੂੰ ਬਰਬਾਦ ਕਰੇਗਾ ਅਤੇ ਭਰਾਵਾਂ ਮਨ ਵਿਚਲੇ ਚੌਹ ਵਿਚਲਾ ਲੁਟੇਰਿਆਂ ਦੇ ਹਵਾਲੇ ਕਰਕੇ ਸਾਨੂੰ ਖੇਤੀ ਚੋਂ ਮਾਰੋ। ਇਸ ਸਮੇਂ ਪਿੰਡ ਬਲਾਕ ਅਧਿਕਾਰੀਆਂ ਨੂੰ ਸੌਂਪੇ। ਇਸ ਮਾਮਲੇ ਪਿੰਡ ਨੂੰ ਜੁੜਨ ਦੀ ਅਪੀਲ ਕੀਤੀ।

ਜਿੰਨੇ ਪਿੰਡ ਗਲਾਧਣਾ ਦਾ ਦਵਾਰ ਮੂਹਰੇ ਚੱਲ ਰਹੇ ਨਿਰੰਤਰ ਬਿਨਾਂ ਚ ਵਾਰੀ ਸਿਖ ਸ਼ਾਮਲ ਹੋ ਰਹੇ ਤੇ 30 ਜੁਲਾਈ ਦੇ ਟ੍ਰੈਕਟਰ ਮਾਰਚ ਚ ਕਿਸਾਨ ਜਥੇਬੰਦੀਆਂ ਦੇ ਨਿਰੰਤਰ ਮਿਲ ਸਿਵਲਕ ਭਰ ਚ ਲਾਮਿਸਾਲ ਟ੍ਰੈਕਟਰ ਮਾਰਚ ਕੱਢਕੇ ਪੰਜਾਬ ਸਰਕਾਰ ਦੀ ਨੀਂਦ ਹਰਾਮ ਕੀਤੀ ਜਾਵੇਗੀ ਕਿਊਂਕਿ ਚਸਦੇ ਭਰਪੂਰ ਪਿੱਖਾਂ ਦੀ ਲੀਕ ਭਰਾ ਅਤੇ ਸਰਕਾਰ ਨੇ ਖੋਹ ਲਈ ਹੈ। ਸ਼ਾਮਲ ਜ਼ਮੀਨ ਨਹੀਂ ਦੇਵਾਂਗੇ।

ਇਸ ਮਾਮਲੇ ਹਰਪ੍ਰੀਤ ਸਿੰਘ ਪੰਨਾ, ਜਗਤਾਰ ਸਿੰਘ ਮਲਕ, ਸ਼ਾਬਕ ਸਰਪੰਚ ਜਸਵੀਰ ਸਿੰਘ, ਹਰਜੋਤ ਸਿੰਘ, ਬੂਟਾ ਸਿੰਘ, ਹਰਮਨ ਸਿੰਘ ਗਰੇਵਾਲ, ਜਰਸ਼ਦੇਵ ਸਿੰਘ, ਸਹਿੰਦਰ ਸਿੰਘ ਇਲਾਹੀ, ਜਗਦੀਸ਼ ਸਿੰਘ, ਪਰਵੰਤ ਸਿੰਘ, ਗੁਰਿੰਦਰ ਸਿੰਘ, ਜਗਦੀਪ ਸਿੰਘ, ਪੇਸ਼ ਗਰਿੰਦ ਨੰਬਰਦਾਰ ਗਰਗਤ ਸਰੰਘਾ, ਜਬੇਦਾਰ ਬਣਬੀਰ ਸਿੰਘ ਅਗਰਵਾਲ ਲੋਧ, ਆਦਿ ਹਾਜ਼ਰ ਸਨ।

ਜਨਸ਼ਕਤੀ
Jan Shakti News Punjab
ਪੰਜਾਬੀਆਂ ਦੇ ਹਰੇਕ ਮੁੱਦੇ ਨਾਲ ਜੁੜੀ ਹਰ ਮਿੰਟ ਦੀ ਖ਼ਬਰ
ਸਿੱਖ ਅਤੇ ਪੰਜਾਬੀ ਬੁੱਧੀਜੀਵੀਆਂ ਦੇ ਵਿਚਾਰ ਅਤੇ ਤਕਰਾਰ
ਕੀ ਹੋ ਰਿਹਾ ਚੰਗਾ ਤੇ ਕੀ ਹੋ ਰਿਹਾ ਮਾੜਾ
ਸਿੱਖ ਕੌਮ ਦੇ ਮਸਲੇ ? ਪੰਜਾਬ ਸਰਕਾਰ ਦਾ ਕੰਮਕਾਜ ? ਭਾਰਤ ਸਰਕਾਰ ਦੀ ਸਿੱਖਾਂ ਅਤੇ ਪੰਜਾਬੀਆਂ ਨਾਲ ਜੁੜੀ ਗੱਲਬਾਤ ?
UK ਵਿਚ ਹਰ ਰੋਜ਼ ਦੀਆਂ ਖ਼ਬਰਾਂ ਦੀ ਅਹਿਮ ਜਾਣਕਾਰੀ
ਖ਼ਬਰਾਂ ਇਸ਼ਤਿਹਾਰ ਅਤੇ ਹੋਰ ਜਾਣਕਾਰੀ ਲਈ ਸੰਪਰਕ
editor@
janshaktinews.com
ਵੱਟਸਐਪ whatsapp
0091987852331
00447775486841
0091-78884-66199
FOR MORE CONTENT
WWW.JANSHAKTINEWS.COM
JAN SHAKTI NEWS PUNJAB
Head office; Jagraon Punjab & Bedford UK
ਜਗਰਾਉਂ ਅਮਿਤ ਖੰਨਾ ਵੱਲੋਂ ਜਾਰੀ ਕੀਤੀ ਗਈ ਜਾਣਕਾਰੀ ਅਨੁਸਾਰ ਪਿੰਡਾਂ ਵਿੱਚ ਲੋਕਾਂ ਨੇ ਆਪਣੇ ਹੱਕਾਂ ਲਈ ਸੰਘਰਸ਼ ਜਾਰੀ ਰੱਖਣ ਦਾ ਐਲਾਨ ਕੀਤਾ ਹੈ।
JAN SHAKTI NEWS PUJAB	JAN SHAKTI NEWS PUJAB	EDITOR@JANSHAKTINEWS.COM	JAN SHAKTI NEWS PUNJAB	JSNPUNJAB	WWW.JANSHAKTINEWS.COM
ਸੰਪਰਕ ਕਰੋ:- ਸ. ਅਮਨਜੀਤ ਸਿੰਘ ਖਹਿਰਾ	ਫੋਨ:- 98785-23331	ਮਨਜਿੰਦਰ ਸਿੰਘ ਗਿੱਲ	78884-66199	ਯੂ ਕੇ +44 7775 486841
